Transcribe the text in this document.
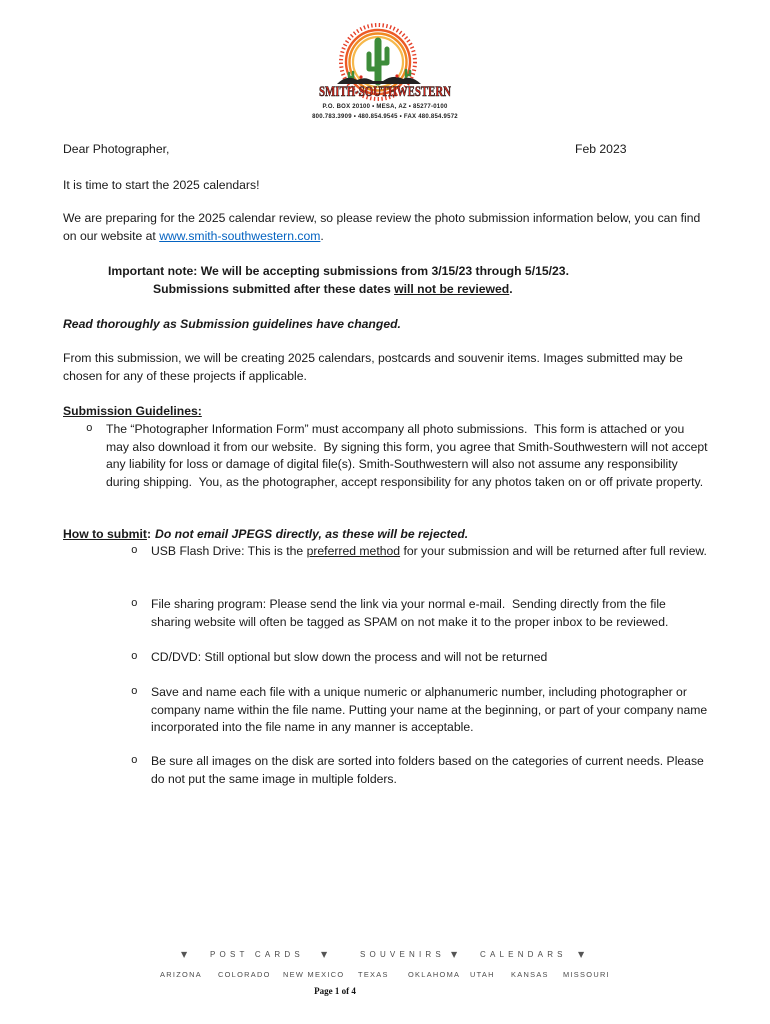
SMITH-SOUTHWESTERN
P.O. BOX 20100 • MESA, AZ • 85277-0100
800.783.3909 • 480.854.9545 • FAX 480.854.9572
Dear Photographer,	Feb 2023
It is time to start the 2025 calendars!

We are preparing for the 2025 calendar review, so please review the photo submission information below, you can find on our website at www.smith-southwestern.com.

Important note: We will be accepting submissions from 3/15/23 through 5/15/23.
Submissions submitted after these dates will not be reviewed.
Read thoroughly as Submission guidelines have changed.

From this submission, we will be creating 2025 calendars, postcards and souvenir items. Images submitted may be chosen for any of these projects if applicable.

Submission Guidelines:
o The “Photographer Information Form” must accompany all photo submissions.  This form is attached or you may also download it from our website.  By signing this form, you agree that Smith-Southwestern will not accept any liability for loss or damage of digital file(s). Smith-Southwestern will also not assume any responsibility during shipping.  You, as the photographer, accept responsibility for any photos taken on or off private property.
How to submit: Do not email JPEGS directly, as these will be rejected.
o USB Flash Drive: This is the preferred method for your submission and will be returned after full review.
o File sharing program: Please send the link via your normal e-mail.  Sending directly from the file sharing website will often be tagged as SPAM on not make it to the proper inbox to be reviewed.
o CD/DVD: Still optional but slow down the process and will not be returned
o Save and name each file with a unique numeric or alphanumeric number, including photographer or company name within the file name. Putting your name at the beginning, or part of your company name incorporated into the file name in any manner is acceptable.
o Be sure all images on the disk are sorted into folders based on the categories of current needs. Please do not put the same image in multiple folders.
▼	POST CARDS ▼	SOUVENIRS ▼	CALENDARS ▼
ARIZONA COLORADO NEW MEXICO TEXAS	OKLAHOMA UTAH KANSAS MISSOURI
Page 1 of 4
